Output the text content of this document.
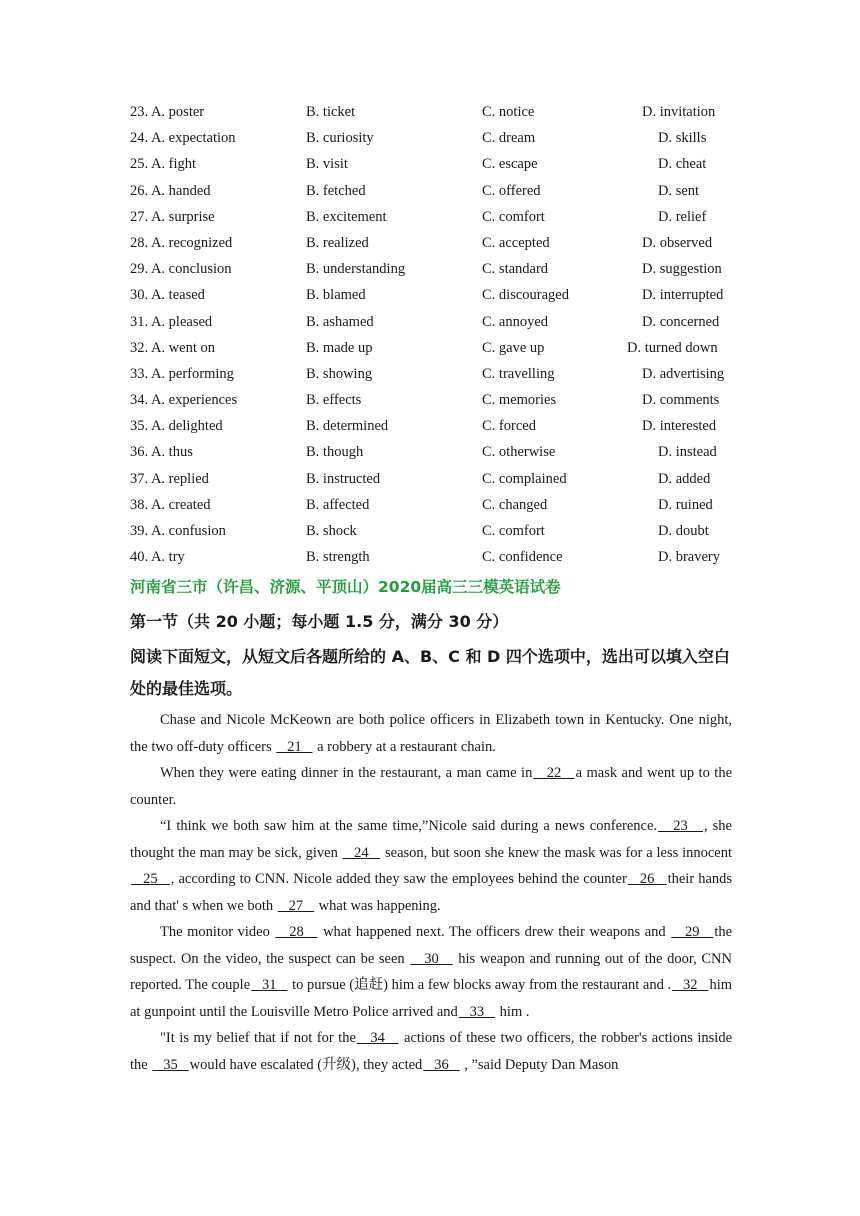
23. A. poster	B. ticket	C. notice	D. invitation
24. A. expectation	B. curiosity	C. dream	D. skills
25. A. fight	B. visit	C. escape	D. cheat
26. A. handed	B. fetched	C. offered	D. sent
27. A. surprise	B. excitement	C. comfort	D. relief
28. A. recognized	B. realized	C. accepted	D. observed
29. A. conclusion	B. understanding	C. standard	D. suggestion
30. A. teased	B. blamed	C. discouraged	D. interrupted
31. A. pleased	B. ashamed	C. annoyed	D. concerned
32. A. went on	B. made up	C. gave up	D. turned down
33. A. performing	B. showing	C. travelling	D. advertising
34. A. experiences	B. effects	C. memories	D. comments
35. A. delighted	B. determined	C. forced	D. interested
36. A. thus	B. though	C. otherwise	D. instead
37. A. replied	B. instructed	C. complained	D. added
38. A. created	B. affected	C. changed	D. ruined
39. A. confusion	B. shock	C. comfort	D. doubt
40. A. try	B. strength	C. confidence	D. bravery
河南省三市（许昌、济源、平顶山）2020届高三三模英语试卷
第一节（共 20 小题；每小题 1.5 分，满分 30 分）
阅读下面短文，从短文后各题所给的 A、B、C 和 D 四个选项中，选出可以填入空白处的最佳选项。

Chase and Nicole McKeown are both police officers in Elizabeth town in Kentucky. One night, the two off-duty officers    21    a robbery at a restaurant chain.

When they were eating dinner in the restaurant, a man came in   22   a mask and went up to the counter.

“I think we both saw him at the same time,”Nicole said during a news conference.   23   , she thought the man may be sick, given    24    season, but soon she knew the mask was for a less innocent    25   , according to CNN. Nicole added they saw the employees behind the counter   26   their hands and that' s when we both    27    what was happening.

The monitor video    28    what happened next. The officers drew their weapons and    29   the suspect. On the video, the suspect can be seen    30    his weapon and running out of the door, CNN reported. The couple   31    to pursue (追赶) him a few blocks away from the restaurant and .   32   him at gunpoint until the Louisville Metro Police arrived and   33    him .

"It is my belief that if not for the   34    actions of these two officers, the robber's actions inside the    35   would have escalated (升级), they acted   36    , ”said Deputy Dan Mason
